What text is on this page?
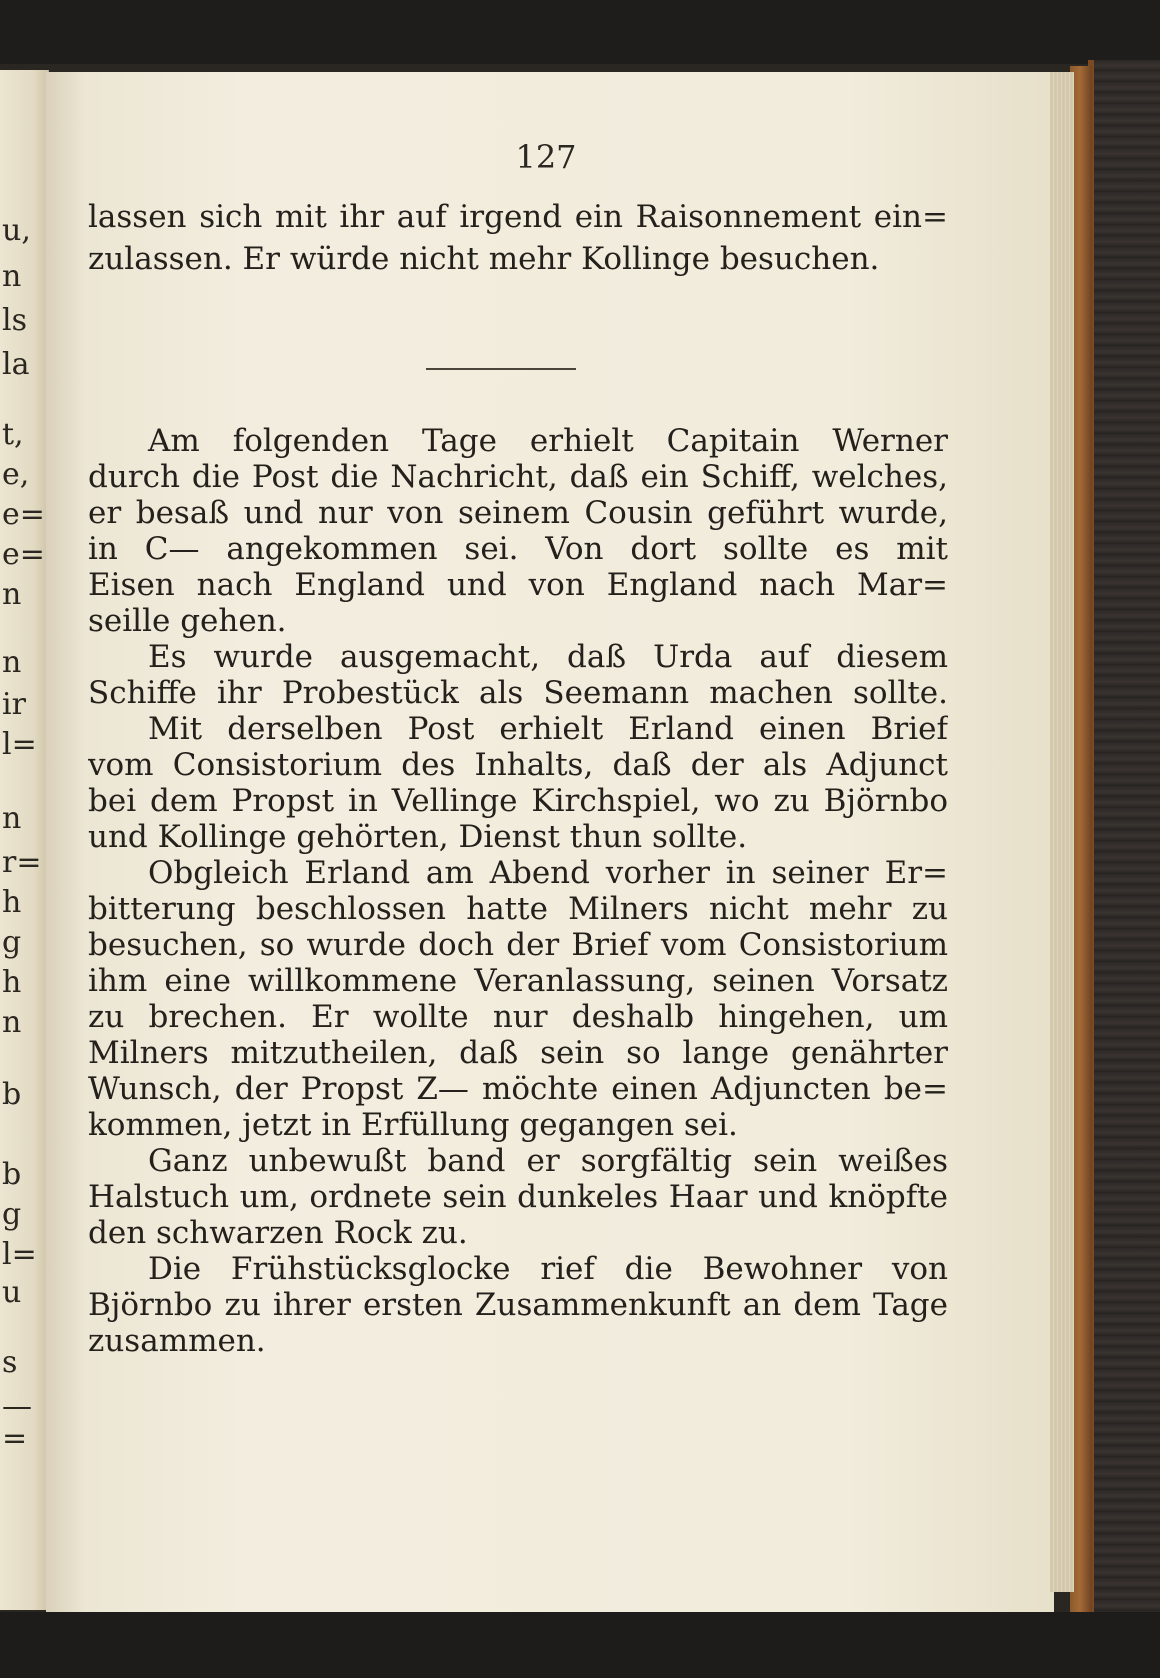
u,
n
ls
la
t,
e,
e=
e=
n
n
ir
l=
n
r=
h
g
h
n
b
b
g
l=
u
s
—
=
127

lassen sich mit ihr auf irgend ein Raisonnement ein=

zulassen. Er würde nicht mehr Kollinge besuchen.

Am folgenden Tage erhielt Capitain Werner

durch die Post die Nachricht, daß ein Schiff, welches,

er besaß und nur von seinem Cousin geführt wurde,

in C— angekommen sei. Von dort sollte es mit

Eisen nach England und von England nach Mar=

seille gehen.

Es wurde ausgemacht, daß Urda auf diesem

Schiffe ihr Probestück als Seemann machen sollte.

Mit derselben Post erhielt Erland einen Brief

vom Consistorium des Inhalts, daß der als Adjunct

bei dem Propst in Vellinge Kirchspiel, wo zu Björnbo

und Kollinge gehörten, Dienst thun sollte.

Obgleich Erland am Abend vorher in seiner Er=

bitterung beschlossen hatte Milners nicht mehr zu

besuchen, so wurde doch der Brief vom Consistorium

ihm eine willkommene Veranlassung, seinen Vorsatz

zu brechen. Er wollte nur deshalb hingehen, um

Milners mitzutheilen, daß sein so lange genährter

Wunsch, der Propst Z— möchte einen Adjuncten be=

kommen, jetzt in Erfüllung gegangen sei.

Ganz unbewußt band er sorgfältig sein weißes

Halstuch um, ordnete sein dunkeles Haar und knöpfte

den schwarzen Rock zu.

Die Frühstücksglocke rief die Bewohner von

Björnbo zu ihrer ersten Zusammenkunft an dem Tage

zusammen.
